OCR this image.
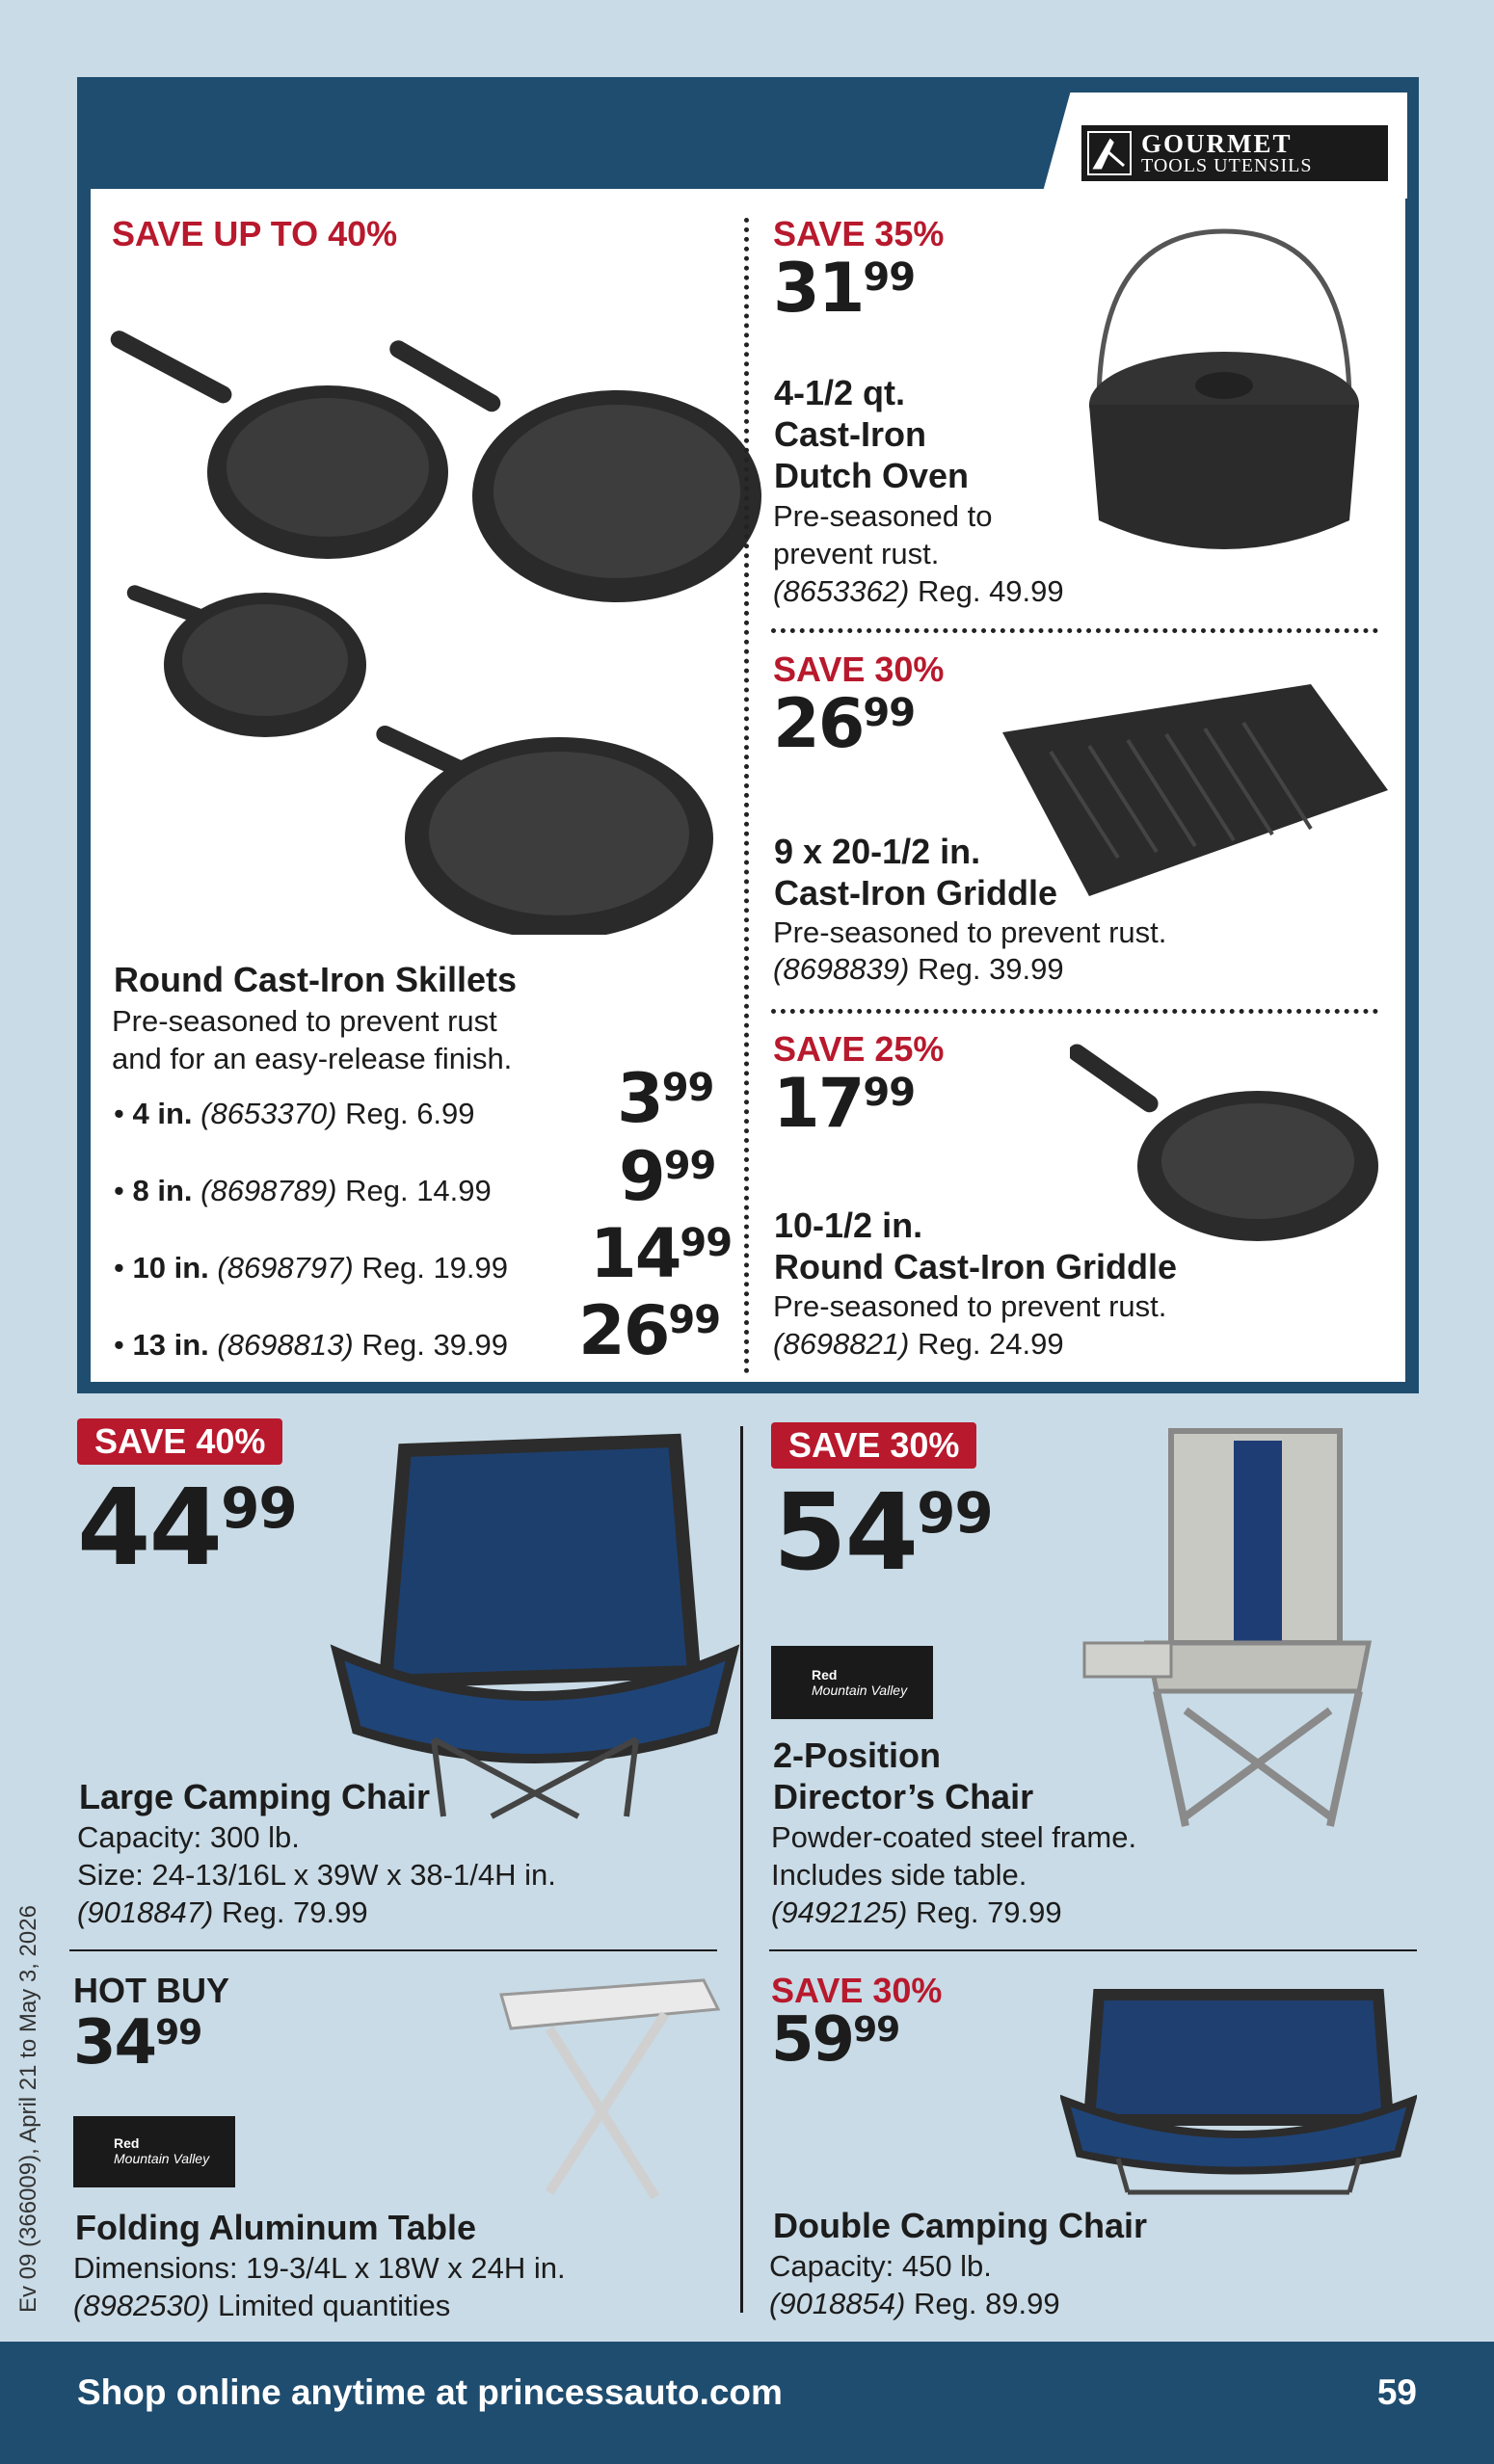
GOURMET
TOOLS UTENSILS
SAVE UP TO 40%
Round Cast-Iron Skillets
Pre-seasoned to prevent rust
and for an easy-release finish.
• 4 in. (8653370) Reg. 6.99	$3^{99}$
• 8 in. (8698789) Reg. 14.99	$9^{99}$
• 10 in. (8698797) Reg. 19.99	$14^{99}$
• 13 in. (8698813) Reg. 39.99	$26^{99}$
SAVE 35%
$31^{99}$
4-1/2 qt.
Cast-Iron
Dutch Oven
Pre-seasoned to
prevent rust.
(8653362) Reg. 49.99
SAVE 30%
$26^{99}$
9 x 20-1/2 in.
Cast-Iron Griddle
Pre-seasoned to prevent rust.
(8698839) Reg. 39.99
SAVE 25%
$17^{99}$
10-1/2 in.
Round Cast-Iron Griddle
Pre-seasoned to prevent rust.
(8698821) Reg. 24.99
SAVE 40%
$44^{99}$
Large Camping Chair
Capacity: 300 lb.
Size: 24-13/16L x 39W x 38-1/4H in.
(9018847) Reg. 79.99
HOT BUY
$34^{99}$
Red
Mountain Valley
Folding Aluminum Table
Dimensions: 19-3/4L x 18W x 24H in.
(8982530) Limited quantities
SAVE 30%
$54^{99}$
Red
Mountain Valley
2-Position
Director’s Chair
Powder-coated steel frame.
Includes side table.
(9492125) Reg. 79.99
SAVE 30%
$59^{99}$
Double Camping Chair
Capacity: 450 lb.
(9018854) Reg. 89.99
Ev 09 (366009), April 21 to May 3, 2026
Shop online anytime at princessauto.com	59
